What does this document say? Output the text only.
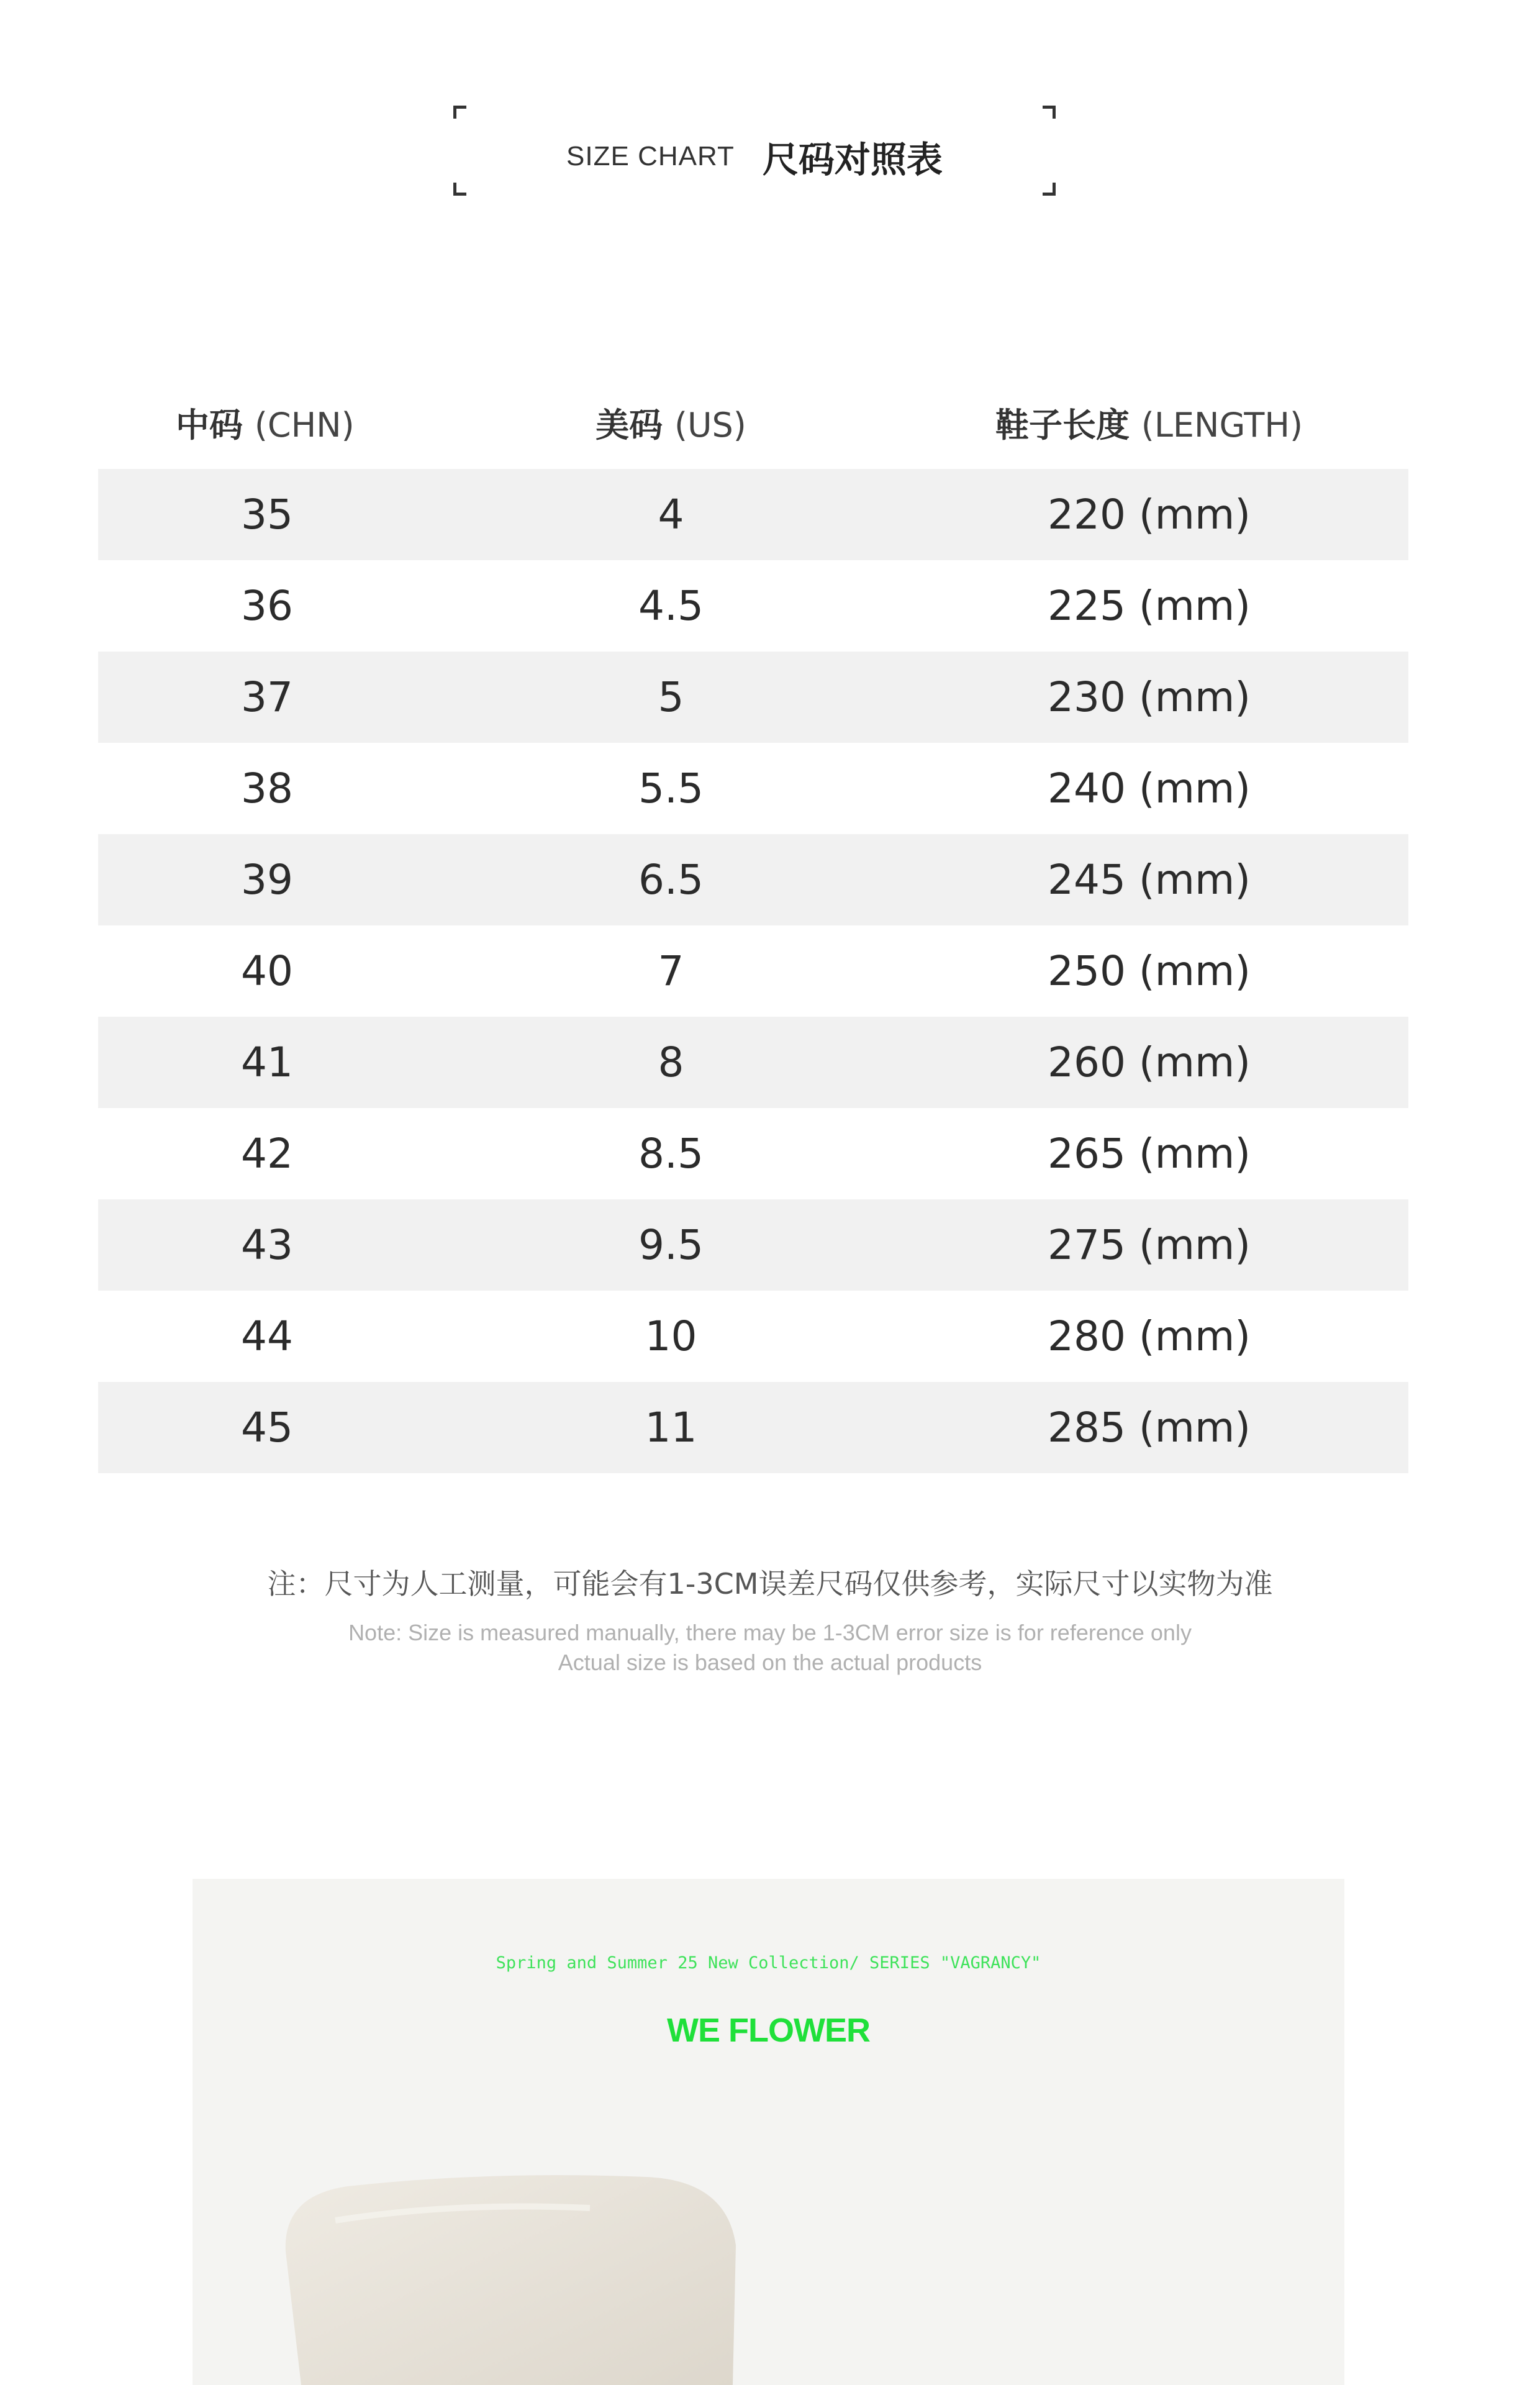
SIZE CHART 尺码对照表
中码 (CHN)	美码 (US)	鞋子长度 (LENGTH)
35	4	220 (mm)
36	4.5	225 (mm)
37	5	230 (mm)
38	5.5	240 (mm)
39	6.5	245 (mm)
40	7	250 (mm)
41	8	260 (mm)
42	8.5	265 (mm)
43	9.5	275 (mm)
44	10	280 (mm)
45	11	285 (mm)
注：尺寸为人工测量，可能会有1-3CM误差尺码仅供参考，实际尺寸以实物为准
Note: Size is measured manually, there may be 1-3CM error size is for reference only
Actual size is based on the actual products
Spring and Summer 25 New Collection/ SERIES "VAGRANCY"
WE FLOWER
